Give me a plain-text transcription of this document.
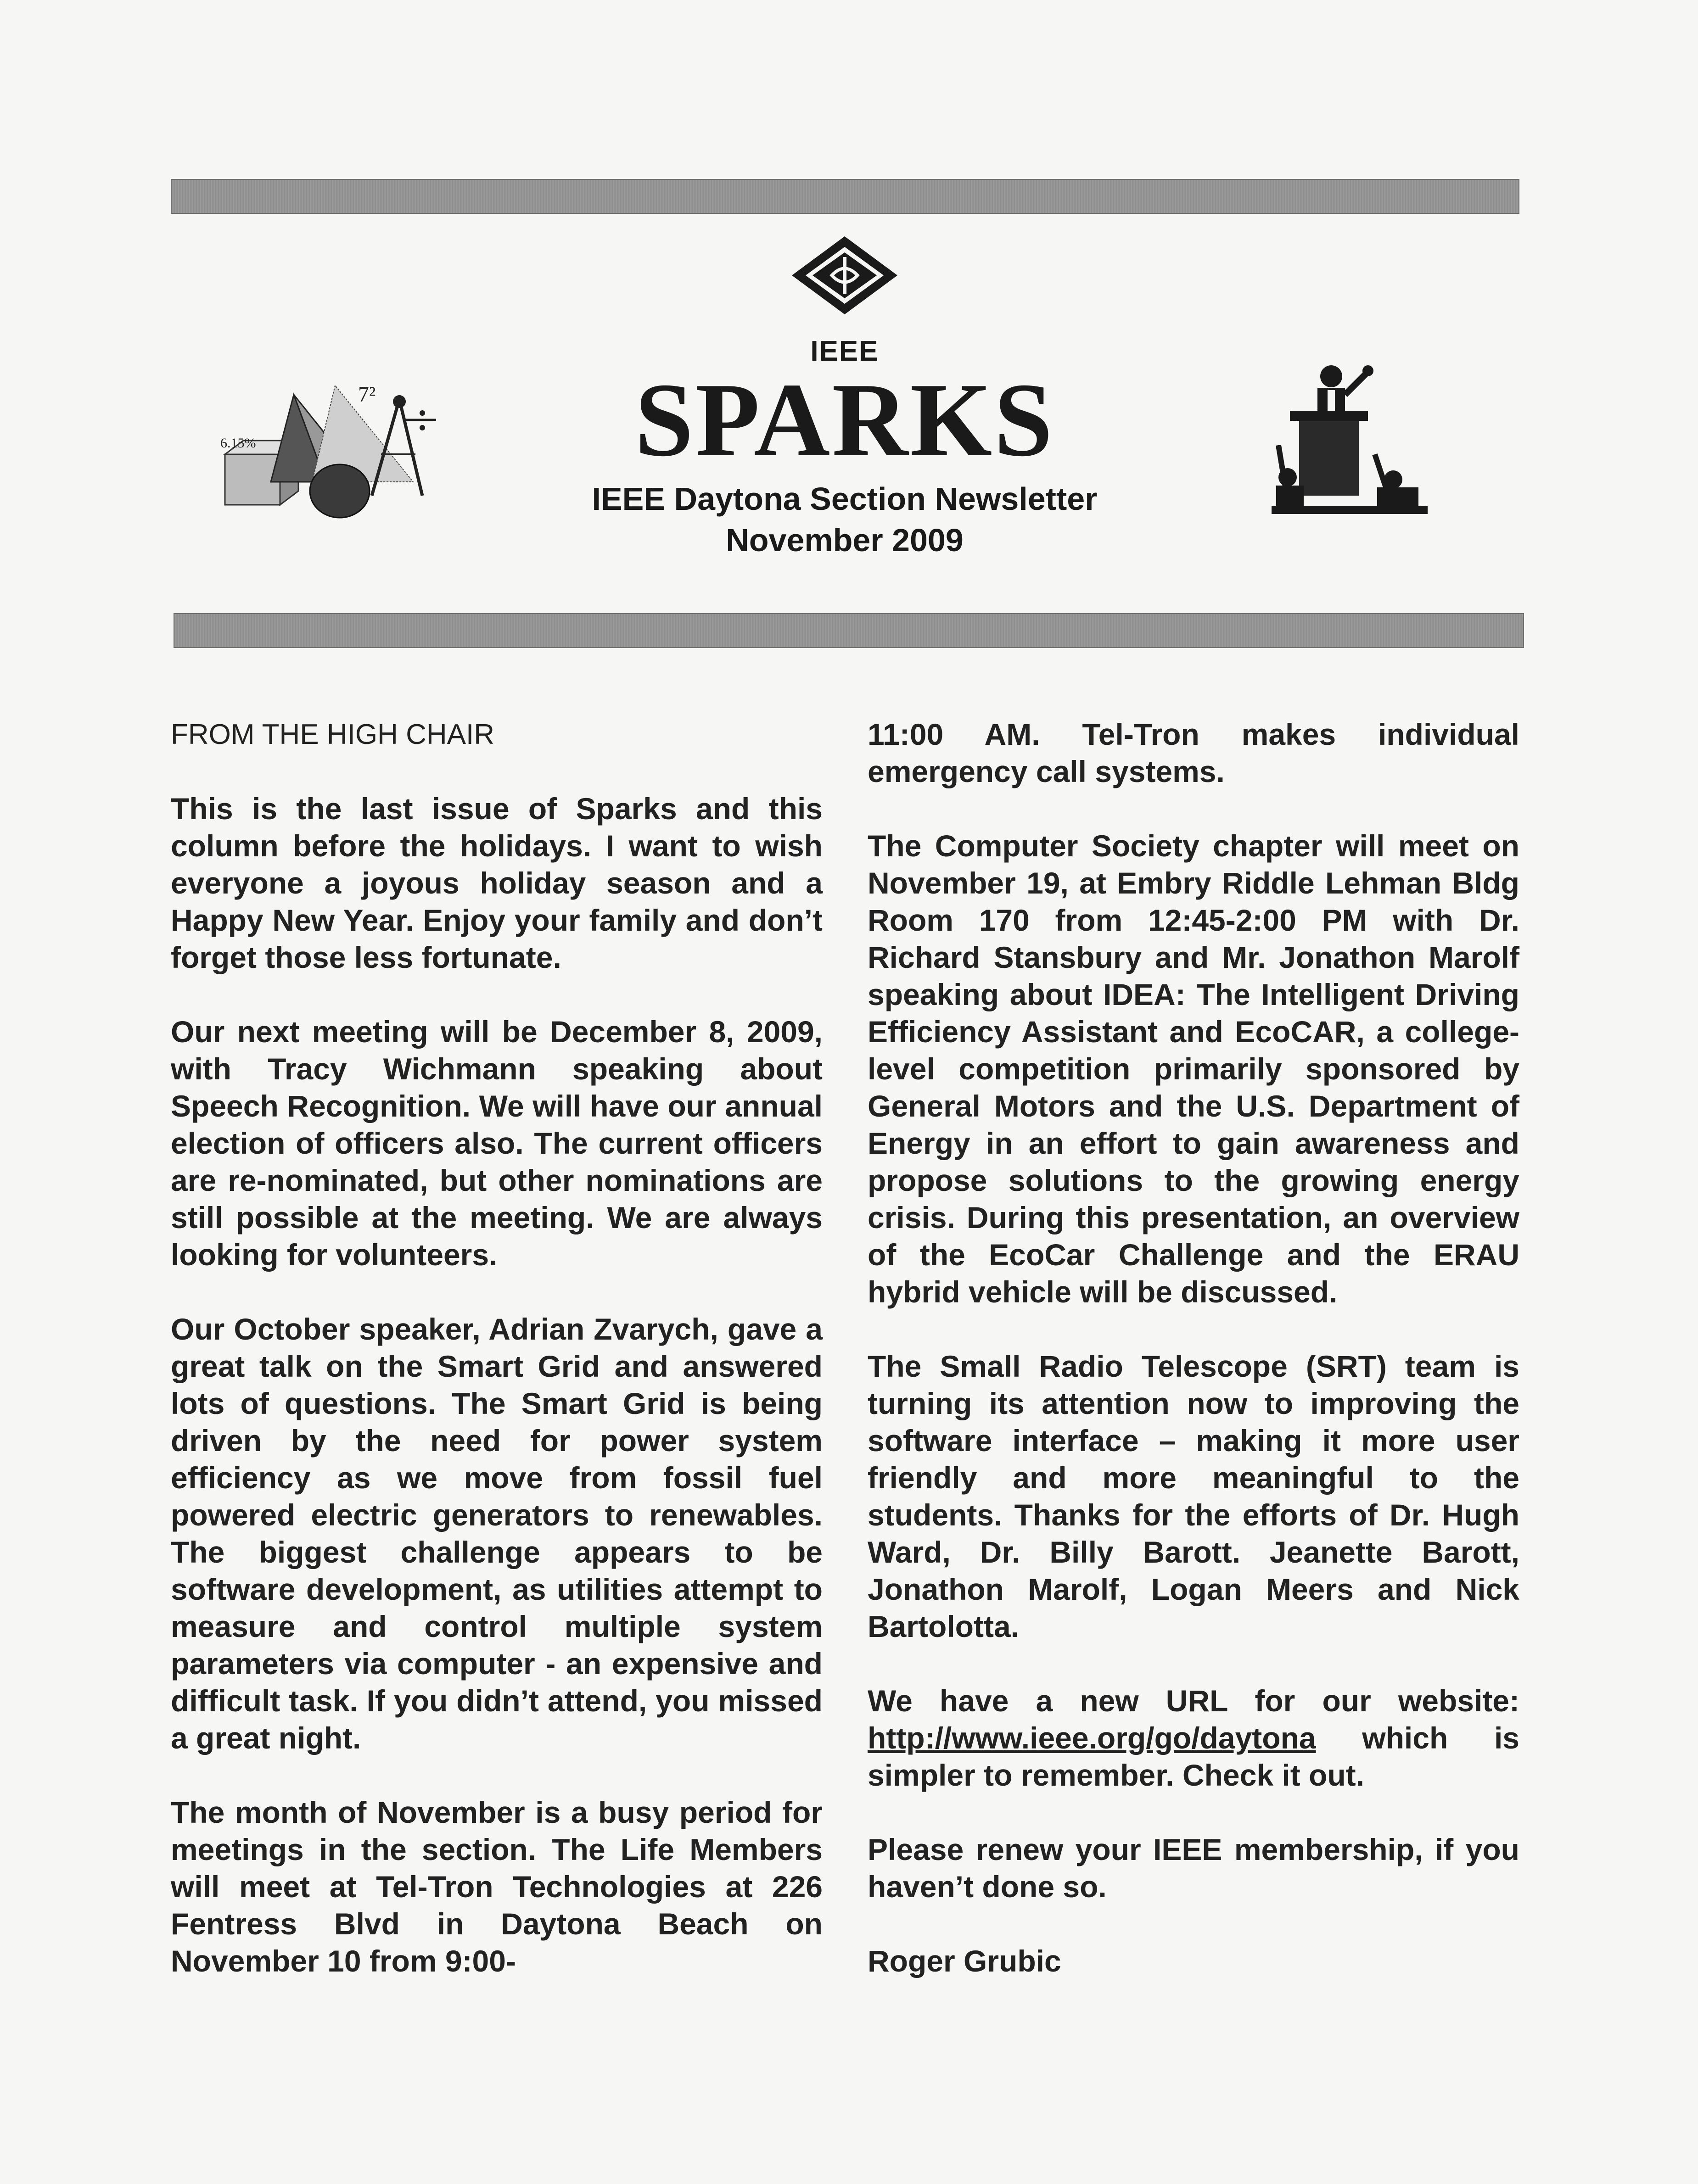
IEEE
SPARKS
IEEE Daytona Section Newsletter
November 2009
6.15%
7²

FROM THE HIGH CHAIR

This is the last issue of Sparks and this column before the holidays. I want to wish everyone a joyous holiday season and a Happy New Year. Enjoy your family and don’t forget those less fortunate.

Our next meeting will be December 8, 2009, with Tracy Wichmann speaking about Speech Recognition. We will have our annual election of officers also. The current officers are re-nominated, but other nominations are still possible at the meeting. We are always looking for volunteers.

Our October speaker, Adrian Zvarych, gave a great talk on the Smart Grid and answered lots of questions. The Smart Grid is being driven by the need for power system efficiency as we move from fossil fuel powered electric generators to renewables. The biggest challenge appears to be software development, as utilities attempt to measure and control multiple system parameters via computer - an expensive and difficult task. If you didn’t attend, you missed a great night.

The month of November is a busy period for meetings in the section. The Life Members will meet at Tel-Tron Technologies at 226 Fentress Blvd in Daytona Beach on November 10 from 9:00-

11:00 AM. Tel-Tron makes individual emergency call systems.

The Computer Society chapter will meet on November 19, at Embry Riddle Lehman Bldg Room 170 from 12:45-2:00 PM with Dr. Richard Stansbury and Mr. Jonathon Marolf speaking about IDEA: The Intelligent Driving Efficiency Assistant and EcoCAR, a college-level competition primarily sponsored by General Motors and the U.S. Department of Energy in an effort to gain awareness and propose solutions to the growing energy crisis. During this presentation, an overview of the EcoCar Challenge and the ERAU hybrid vehicle will be discussed.

The Small Radio Telescope (SRT) team is turning its attention now to improving the software interface – making it more user friendly and more meaningful to the students. Thanks for the efforts of Dr. Hugh Ward, Dr. Billy Barott. Jeanette Barott, Jonathon Marolf, Logan Meers and Nick Bartolotta.

We have a new URL for our website: http://www.ieee.org/go/daytona which is simpler to remember. Check it out.

Please renew your IEEE membership, if you haven’t done so.

Roger Grubic
